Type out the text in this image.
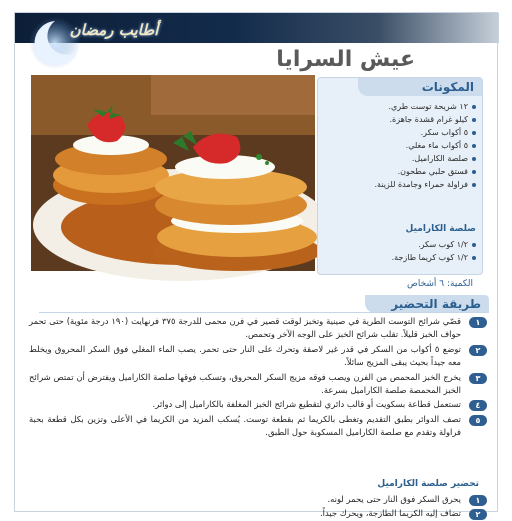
أطايب رمضان
عيش السرايا
المكونات
١٢ شريحة توست طري.
كيلو غرام قشدة جاهزة.
٥ أكواب سكر.
٥ أكواب ماء مغلي.
صلصة الكاراميل.
فستق حلبي مطحون.
فراولة حمراء وجامدة للزينة.
صلصة الكاراميل
١/٢ كوب سكر.
١/٢ كوب كريما طازجة.
الكمية: ٦ أشخاص
طريقة التحضير
١
قصّي شرائح التوست الطرية في صينية وتخبز لوقت قصير في فرن محمى للدرجة ٣٧٥ فرنهايت (١٩٠ درجة مئوية) حتى تحمر حواف الخبز قليلاً. تقلب شرائح الخبز على الوجه الآخر وتحمص.
٢
توضع ٥ أكواب من السكر في قدر غير لاصقة وتحرك على النار حتى تحمر. يصب الماء المغلي فوق السكر المحروق ويخلط معه جيداً بحيث يبقى المزيج سائلاً.
٣
يخرج الخبز المحمص من الفرن ويصب فوقه مزيج السكر المحروق، وتسكب فوقها صلصة الكاراميل ويفترض أن تمتص شرائح الخبز المحمصة صلصة الكاراميل بسرعة.
٤
تستعمل قطاعة بسكويت أو قالب دائري لتقطيع شرائح الخبز المغلفة بالكاراميل إلى دوائر.
٥
تصف الدوائر بطبق التقديم وتغطى بالكريما ثم بقطعة توست. يُسكب المزيد من الكريما في الأعلى وتزين بكل قطعة بحبة فراولة وتقدم مع صلصة الكاراميل المسكوبة حول الطبق.
تحضير صلصة الكاراميل
١
يحرق السكر فوق النار حتى يحمر لونه.
٢
تضاف إليه الكريما الطازجة، ويحرك جيداً.
